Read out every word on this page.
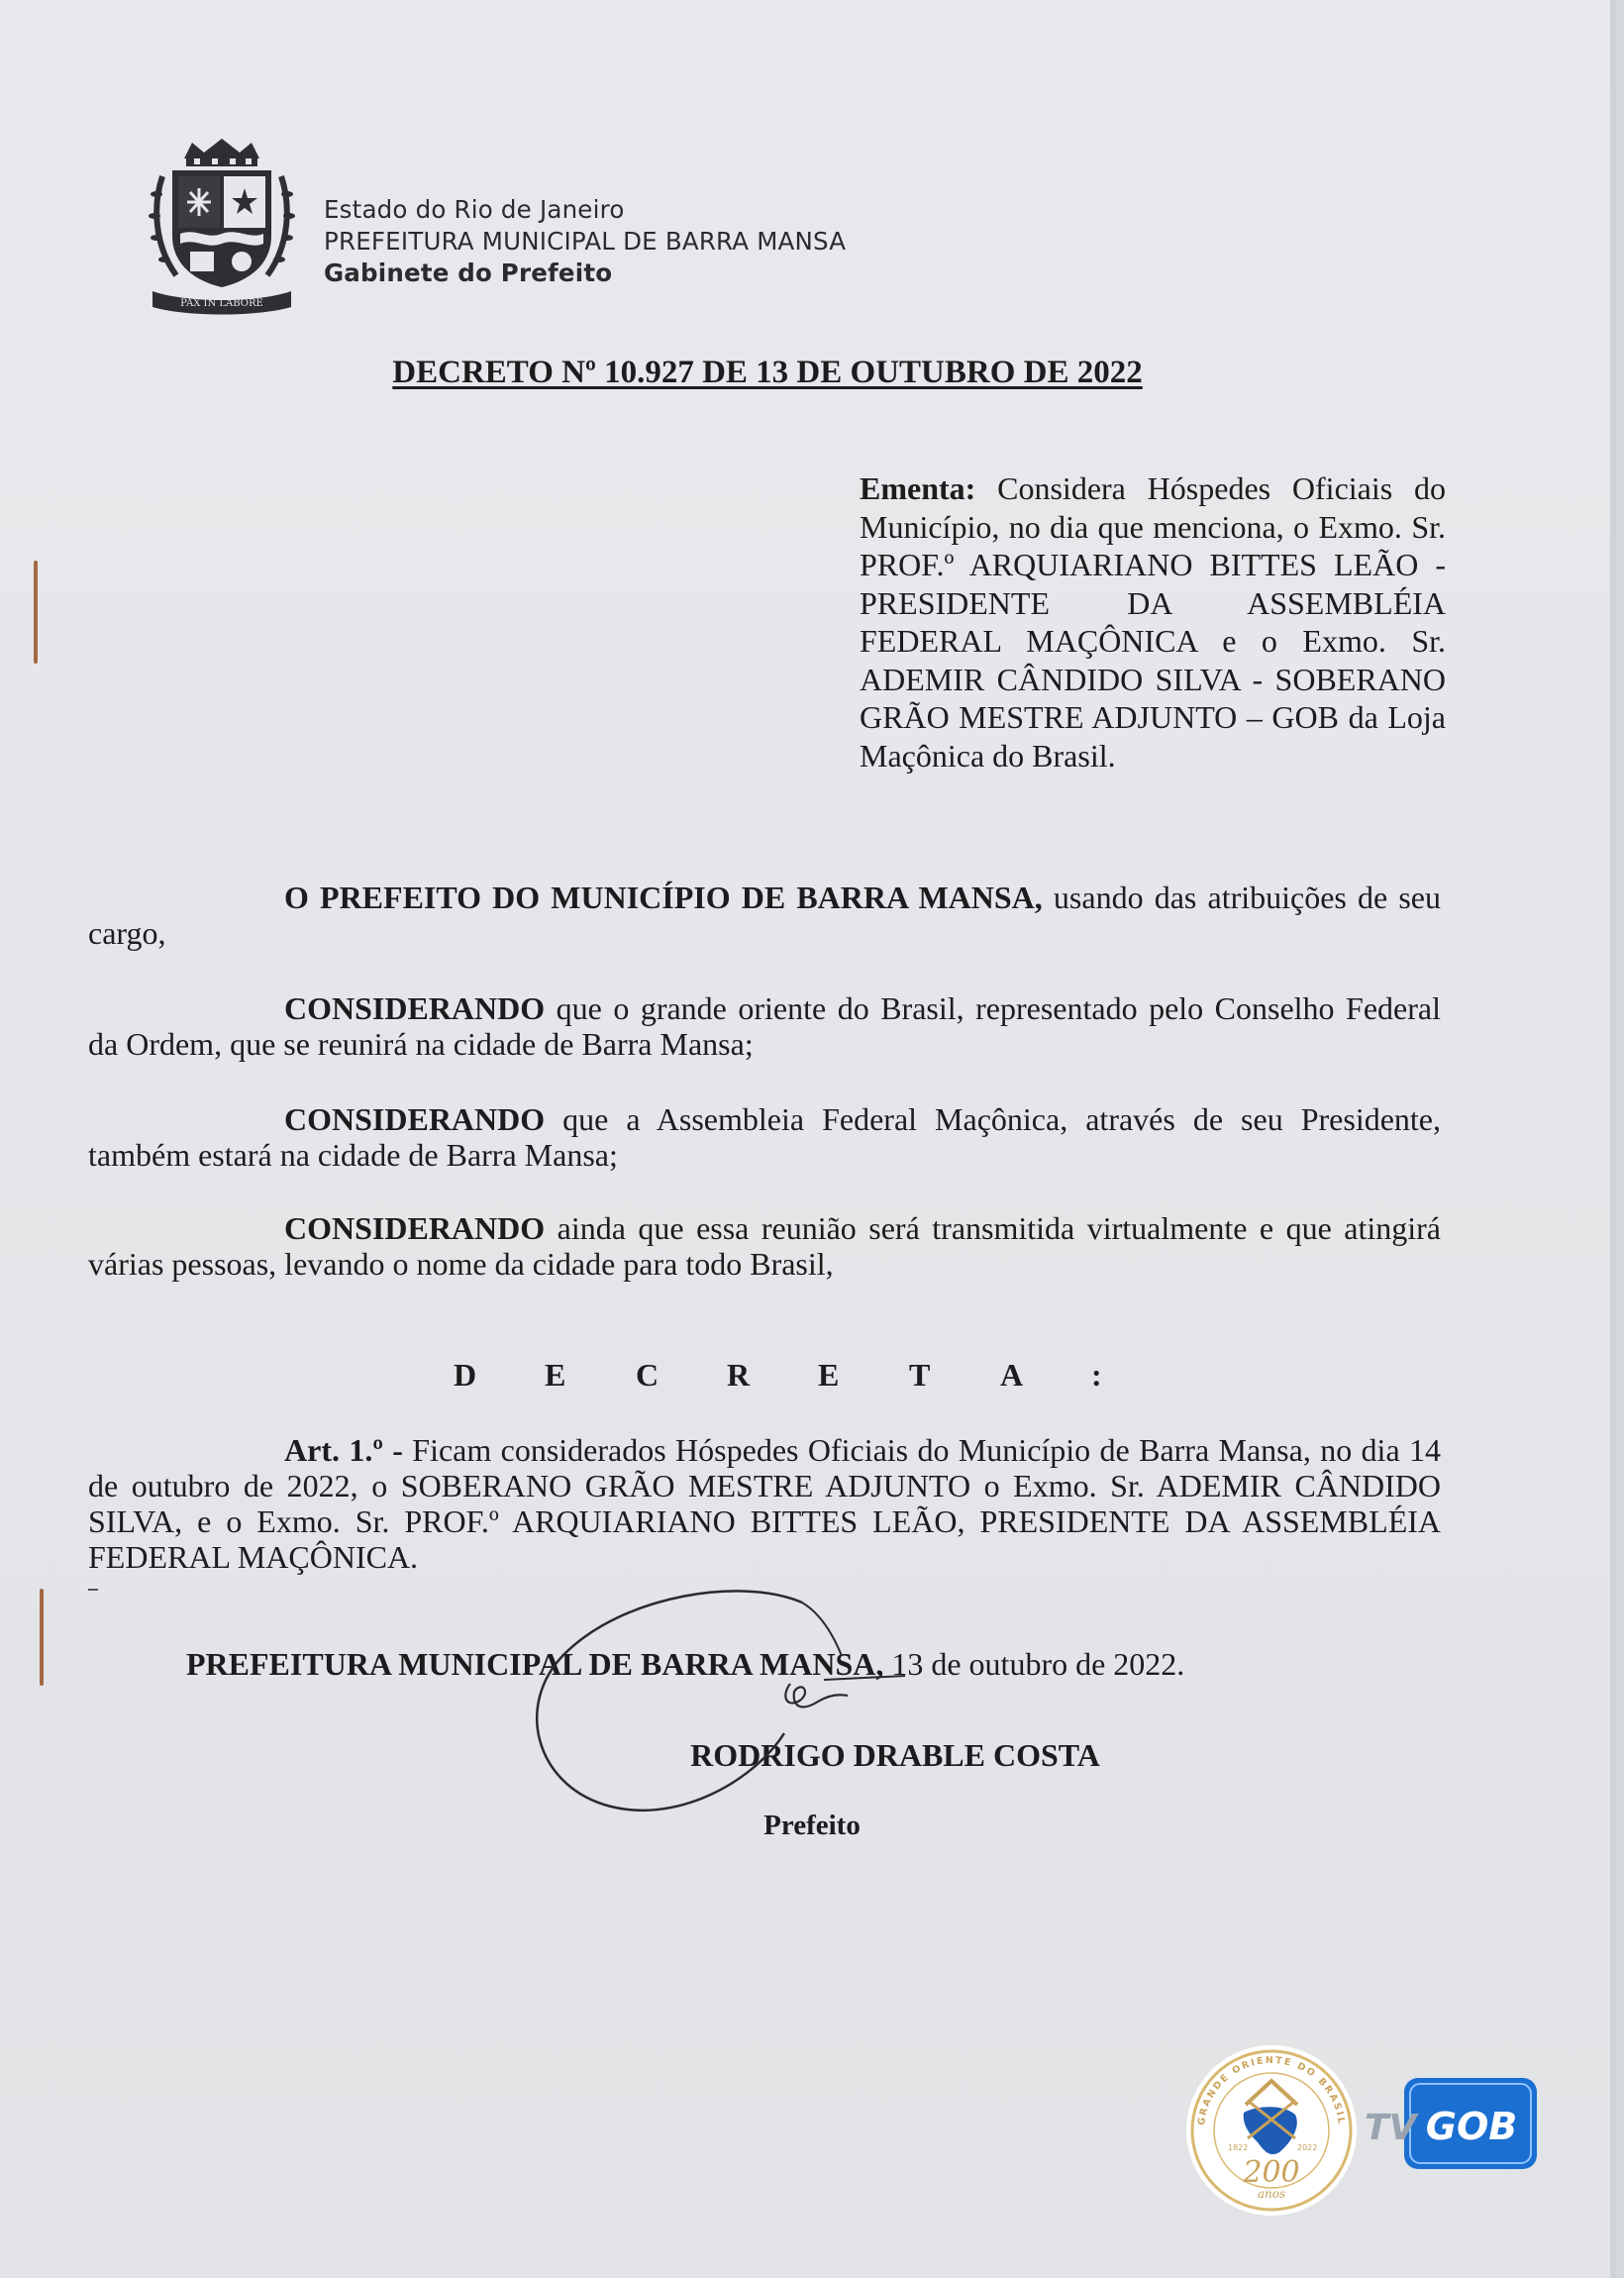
PAX IN LABORE
Estado do Rio de Janeiro
PREFEITURA MUNICIPAL DE BARRA MANSA
Gabinete do Prefeito
DECRETO Nº 10.927 DE 13 DE OUTUBRO DE 2022
Ementa: Considera Hóspedes Oficiais do Município, no dia que menciona, o Exmo. Sr. PROF.º ARQUIARIANO BITTES LEÃO -PRESIDENTE DA ASSEMBLÉIA FEDERAL MAÇÔNICA e o Exmo. Sr. ADEMIR CÂNDIDO SILVA - SOBERANO GRÃO MESTRE ADJUNTO – GOB da Loja Maçônica do Brasil.
O PREFEITO DO MUNICÍPIO DE BARRA MANSA, usando das atribuições de seu cargo,
CONSIDERANDO que o grande oriente do Brasil, representado pelo Conselho Federal da Ordem, que se reunirá na cidade de Barra Mansa;
CONSIDERANDO que a Assembleia Federal Maçônica, através de seu Presidente, também estará na cidade de Barra Mansa;
CONSIDERANDO ainda que essa reunião será transmitida virtualmente e que atingirá várias pessoas, levando o nome da cidade para todo Brasil,
D E C R E T A :
Art. 1.º - Ficam considerados Hóspedes Oficiais do Município de Barra Mansa, no dia 14 de outubro de 2022, o SOBERANO GRÃO MESTRE ADJUNTO o Exmo. Sr. ADEMIR CÂNDIDO SILVA, e o Exmo. Sr. PROF.º ARQUIARIANO BITTES LEÃO, PRESIDENTE DA ASSEMBLÉIA FEDERAL MAÇÔNICA.
PREFEITURA MUNICIPAL DE BARRA MANSA, 13 de outubro de 2022.
RODRIGO DRABLE COSTA
Prefeito
GRANDE ORIENTE DO BRASIL
1822	2022
200
anos
TV GOB
